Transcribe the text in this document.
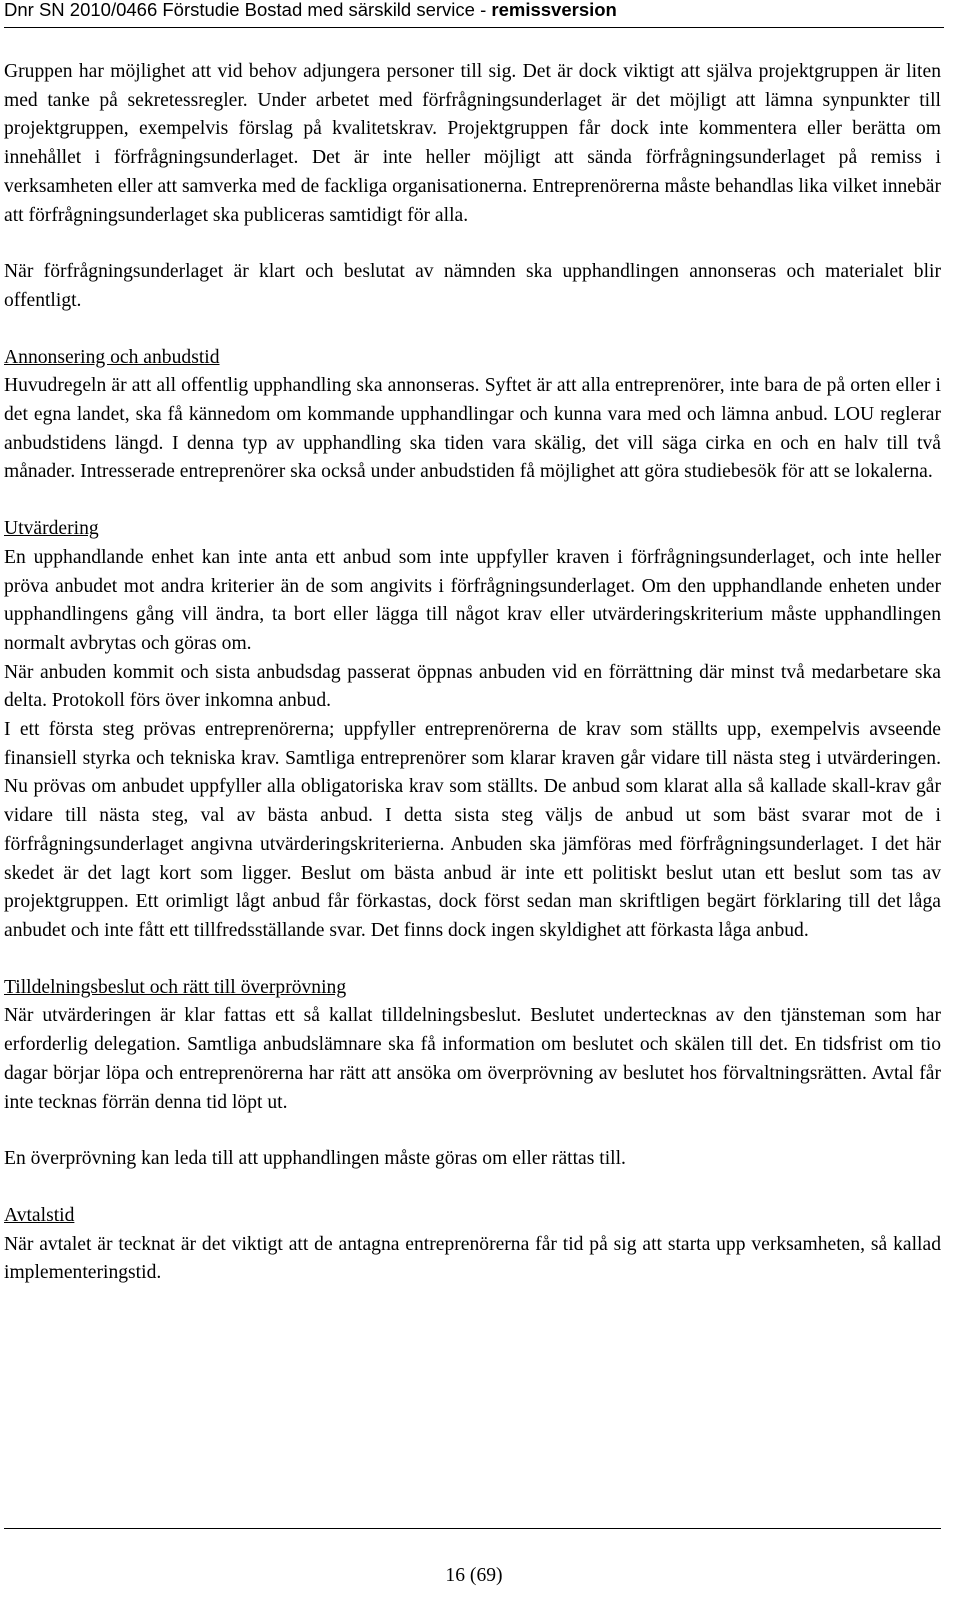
Dnr SN 2010/0466 Förstudie Bostad med särskild service - remissversion

Gruppen har möjlighet att vid behov adjungera personer till sig. Det är dock viktigt att själva projektgruppen är liten med tanke på sekretessregler. Under arbetet med förfrågningsunderlaget är det möjligt att lämna synpunkter till projektgruppen, exempelvis förslag på kvalitetskrav. Projektgruppen får dock inte kommentera eller berätta om innehållet i förfrågningsunderlaget. Det är inte heller möjligt att sända förfrågningsunderlaget på remiss i verksamheten eller att samverka med de fackliga organisationerna. Entreprenörerna måste behandlas lika vilket innebär att förfrågningsunderlaget ska publiceras samtidigt för alla.

När förfrågningsunderlaget är klart och beslutat av nämnden ska upphandlingen annonseras och materialet blir offentligt.

Annonsering och anbudstid

Huvudregeln är att all offentlig upphandling ska annonseras. Syftet är att alla entreprenörer, inte bara de på orten eller i det egna landet, ska få kännedom om kommande upphandlingar och kunna vara med och lämna anbud. LOU reglerar anbudstidens längd. I denna typ av upphandling ska tiden vara skälig, det vill säga cirka en och en halv till två månader. Intresserade entreprenörer ska också under anbudstiden få möjlighet att göra studiebesök för att se lokalerna.

Utvärdering

En upphandlande enhet kan inte anta ett anbud som inte uppfyller kraven i förfrågningsunderlaget, och inte heller pröva anbudet mot andra kriterier än de som angivits i förfrågningsunderlaget. Om den upphandlande enheten under upphandlingens gång vill ändra, ta bort eller lägga till något krav eller utvärderingskriterium måste upphandlingen normalt avbrytas och göras om.

När anbuden kommit och sista anbudsdag passerat öppnas anbuden vid en förrättning där minst två medarbetare ska delta. Protokoll förs över inkomna anbud.

I ett första steg prövas entreprenörerna; uppfyller entreprenörerna de krav som ställts upp, exempelvis avseende finansiell styrka och tekniska krav. Samtliga entreprenörer som klarar kraven går vidare till nästa steg i utvärderingen. Nu prövas om anbudet uppfyller alla obligatoriska krav som ställts. De anbud som klarat alla så kallade skall-krav går vidare till nästa steg, val av bästa anbud. I detta sista steg väljs de anbud ut som bäst svarar mot de i förfrågningsunderlaget angivna utvärderingskriterierna. Anbuden ska jämföras med förfrågningsunderlaget. I det här skedet är det lagt kort som ligger. Beslut om bästa anbud är inte ett politiskt beslut utan ett beslut som tas av projektgruppen. Ett orimligt lågt anbud får förkastas, dock först sedan man skriftligen begärt förklaring till det låga anbudet och inte fått ett tillfredsställande svar. Det finns dock ingen skyldighet att förkasta låga anbud.

Tilldelningsbeslut och rätt till överprövning

När utvärderingen är klar fattas ett så kallat tilldelningsbeslut. Beslutet undertecknas av den tjänsteman som har erforderlig delegation. Samtliga anbudslämnare ska få information om beslutet och skälen till det. En tidsfrist om tio dagar börjar löpa och entreprenörerna har rätt att ansöka om överprövning av beslutet hos förvaltningsrätten. Avtal får inte tecknas förrän denna tid löpt ut.

En överprövning kan leda till att upphandlingen måste göras om eller rättas till.

Avtalstid

När avtalet är tecknat är det viktigt att de antagna entreprenörerna får tid på sig att starta upp verksamheten, så kallad implementeringstid.

16 (69)
